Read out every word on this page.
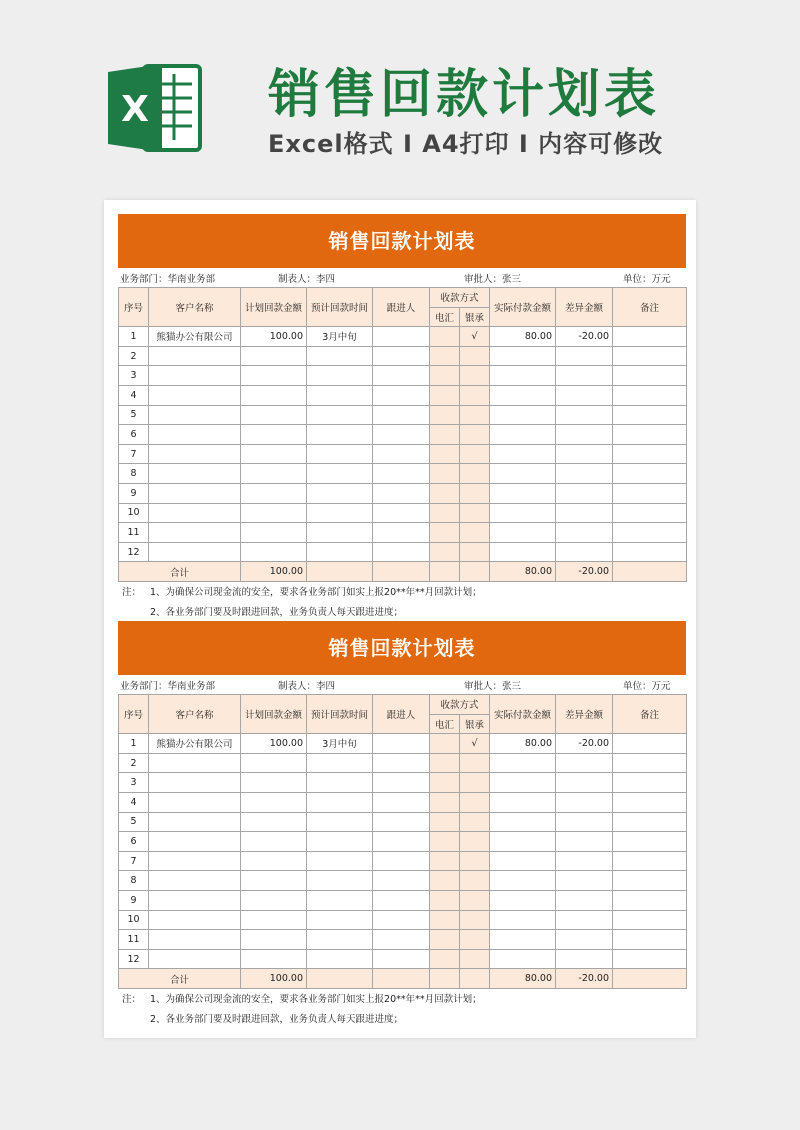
X 销售回款计划表
Excel格式 I A4打印 I 内容可修改
销售回款计划表
业务部门：华南业务部	制表人：李四	审批人：张三	单位：万元
序号	客户名称	计划回款金额	预计回款时间	跟进人	收款方式		实际付款金额	差异金额	备注
					电汇	银承			
1	熊猫办公有限公司	100.00	3月中旬			√	80.00	-20.00	
2									
3									
4									
5									
6									
7									
8									
9									
10									
11									
12									
合计		100.00					80.00	-20.00	
注： 1、为确保公司现金流的安全，要求各业务部门如实上报20**年**月回款计划；
2、各业务部门要及时跟进回款，业务负责人每天跟进进度；
销售回款计划表
业务部门：华南业务部	制表人：李四	审批人：张三	单位：万元
序号	客户名称	计划回款金额	预计回款时间	跟进人	收款方式		实际付款金额	差异金额	备注
					电汇	银承			
1	熊猫办公有限公司	100.00	3月中旬			√	80.00	-20.00	
2									
3									
4									
5									
6									
7									
8									
9									
10									
11									
12									
合计		100.00					80.00	-20.00	
注： 1、为确保公司现金流的安全，要求各业务部门如实上报20**年**月回款计划；
2、各业务部门要及时跟进回款，业务负责人每天跟进进度；
